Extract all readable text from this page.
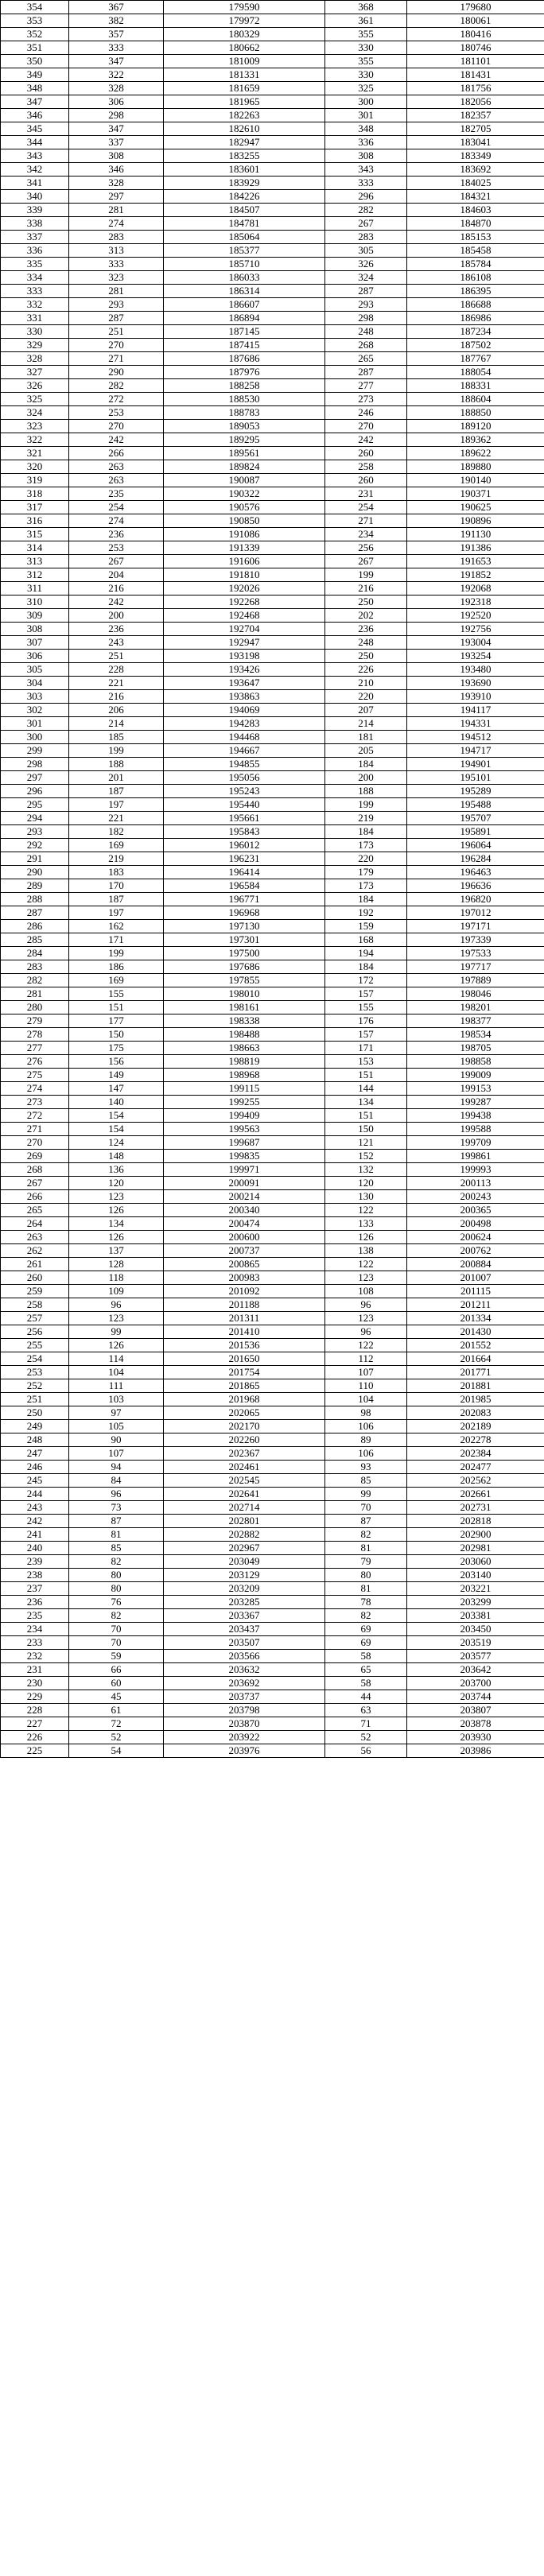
354	367	179590	368	179680
353	382	179972	361	180061
352	357	180329	355	180416
351	333	180662	330	180746
350	347	181009	355	181101
349	322	181331	330	181431
348	328	181659	325	181756
347	306	181965	300	182056
346	298	182263	301	182357
345	347	182610	348	182705
344	337	182947	336	183041
343	308	183255	308	183349
342	346	183601	343	183692
341	328	183929	333	184025
340	297	184226	296	184321
339	281	184507	282	184603
338	274	184781	267	184870
337	283	185064	283	185153
336	313	185377	305	185458
335	333	185710	326	185784
334	323	186033	324	186108
333	281	186314	287	186395
332	293	186607	293	186688
331	287	186894	298	186986
330	251	187145	248	187234
329	270	187415	268	187502
328	271	187686	265	187767
327	290	187976	287	188054
326	282	188258	277	188331
325	272	188530	273	188604
324	253	188783	246	188850
323	270	189053	270	189120
322	242	189295	242	189362
321	266	189561	260	189622
320	263	189824	258	189880
319	263	190087	260	190140
318	235	190322	231	190371
317	254	190576	254	190625
316	274	190850	271	190896
315	236	191086	234	191130
314	253	191339	256	191386
313	267	191606	267	191653
312	204	191810	199	191852
311	216	192026	216	192068
310	242	192268	250	192318
309	200	192468	202	192520
308	236	192704	236	192756
307	243	192947	248	193004
306	251	193198	250	193254
305	228	193426	226	193480
304	221	193647	210	193690
303	216	193863	220	193910
302	206	194069	207	194117
301	214	194283	214	194331
300	185	194468	181	194512
299	199	194667	205	194717
298	188	194855	184	194901
297	201	195056	200	195101
296	187	195243	188	195289
295	197	195440	199	195488
294	221	195661	219	195707
293	182	195843	184	195891
292	169	196012	173	196064
291	219	196231	220	196284
290	183	196414	179	196463
289	170	196584	173	196636
288	187	196771	184	196820
287	197	196968	192	197012
286	162	197130	159	197171
285	171	197301	168	197339
284	199	197500	194	197533
283	186	197686	184	197717
282	169	197855	172	197889
281	155	198010	157	198046
280	151	198161	155	198201
279	177	198338	176	198377
278	150	198488	157	198534
277	175	198663	171	198705
276	156	198819	153	198858
275	149	198968	151	199009
274	147	199115	144	199153
273	140	199255	134	199287
272	154	199409	151	199438
271	154	199563	150	199588
270	124	199687	121	199709
269	148	199835	152	199861
268	136	199971	132	199993
267	120	200091	120	200113
266	123	200214	130	200243
265	126	200340	122	200365
264	134	200474	133	200498
263	126	200600	126	200624
262	137	200737	138	200762
261	128	200865	122	200884
260	118	200983	123	201007
259	109	201092	108	201115
258	96	201188	96	201211
257	123	201311	123	201334
256	99	201410	96	201430
255	126	201536	122	201552
254	114	201650	112	201664
253	104	201754	107	201771
252	111	201865	110	201881
251	103	201968	104	201985
250	97	202065	98	202083
249	105	202170	106	202189
248	90	202260	89	202278
247	107	202367	106	202384
246	94	202461	93	202477
245	84	202545	85	202562
244	96	202641	99	202661
243	73	202714	70	202731
242	87	202801	87	202818
241	81	202882	82	202900
240	85	202967	81	202981
239	82	203049	79	203060
238	80	203129	80	203140
237	80	203209	81	203221
236	76	203285	78	203299
235	82	203367	82	203381
234	70	203437	69	203450
233	70	203507	69	203519
232	59	203566	58	203577
231	66	203632	65	203642
230	60	203692	58	203700
229	45	203737	44	203744
228	61	203798	63	203807
227	72	203870	71	203878
226	52	203922	52	203930
225	54	203976	56	203986
